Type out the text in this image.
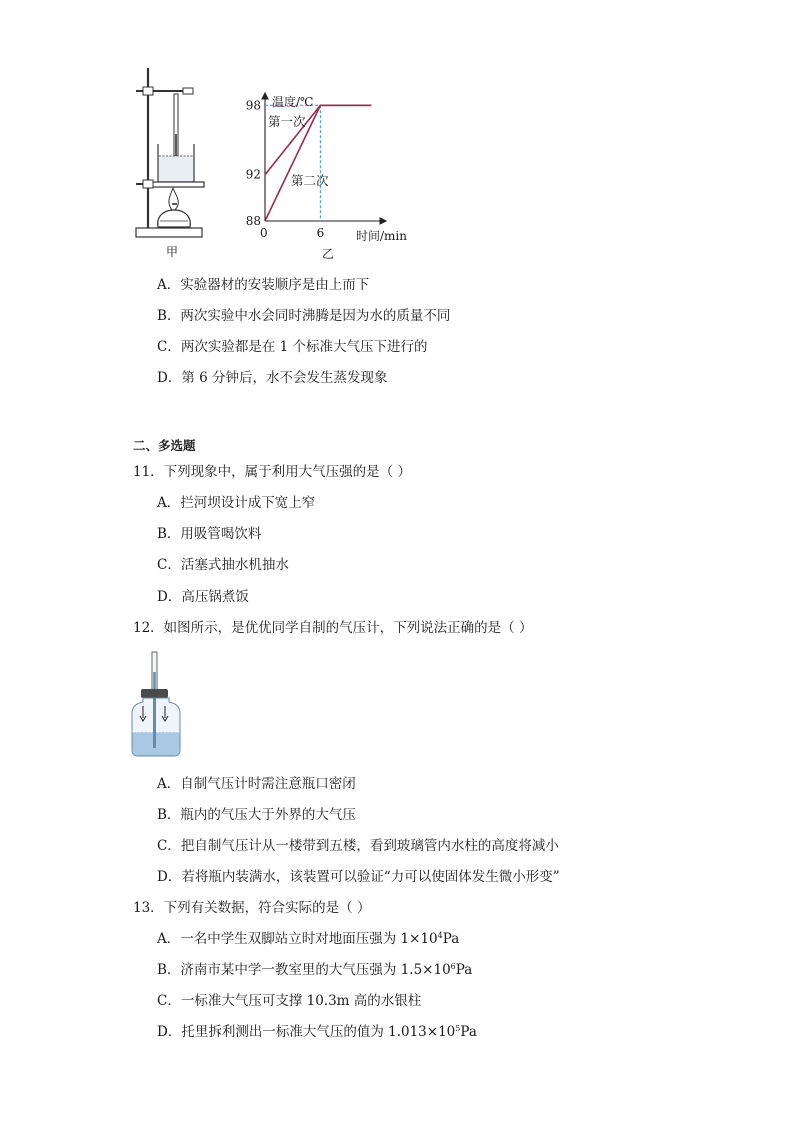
甲
88
92
98
6
第一次
第二次
温度/℃
时间/min
0
乙
A．实验器材的安装顺序是由上而下
B．两次实验中水会同时沸腾是因为水的质量不同
C．两次实验都是在 1 个标准大气压下进行的
D．第 6 分钟后，水不会发生蒸发现象
二、多选题
11．下列现象中，属于利用大气压强的是（ ）
A．拦河坝设计成下宽上窄
B．用吸管喝饮料
C．活塞式抽水机抽水
D．高压锅煮饭
12．如图所示，是优优同学自制的气压计，下列说法正确的是（ ）
A．自制气压计时需注意瓶口密闭
B．瓶内的气压大于外界的大气压
C．把自制气压计从一楼带到五楼，看到玻璃管内水柱的高度将减小
D．若将瓶内装满水，该装置可以验证“力可以使固体发生微小形变”
13．下列有关数据，符合实际的是（ ）
A．一名中学生双脚站立时对地面压强为 $1\times 10^4Pa$
B．济南市某中学一教室里的大气压强为 $1.5\times 10^6Pa$
C．一标准大气压可支撑 10.3m 高的水银柱
D．托里拆利测出一标准大气压的值为 $1.013\times 10^5Pa$
